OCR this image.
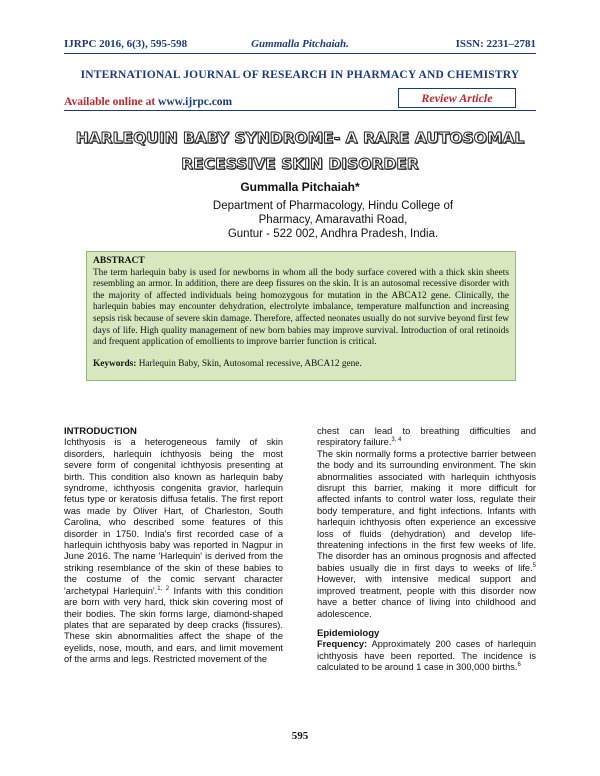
IJRPC 2016, 6(3), 595-598	Gummalla Pitchaiah.	ISSN: 2231–2781
INTERNATIONAL JOURNAL OF RESEARCH IN PHARMACY AND CHEMISTRY
Available online at www.ijrpc.com	Review Article
HARLEQUIN BABY SYNDROME- A RARE AUTOSOMAL
RECESSIVE SKIN DISORDER
Gummalla Pitchaiah*
Department of Pharmacology, Hindu College of Pharmacy, Amaravathi Road,
Guntur - 522 002, Andhra Pradesh, India.
ABSTRACT

The term harlequin baby is used for newborns in whom all the body surface covered with a thick skin sheets resembling an armor. In addition, there are deep fissures on the skin. It is an autosomal recessive disorder with the majority of affected individuals being homozygous for mutation in the ABCA12 gene. Clinically, the harlequin babies may encounter dehydration, electrolyte imbalance, temperature malfunction and increasing sepsis risk because of severe skin damage. Therefore, affected neonates usually do not survive beyond first few days of life. High quality management of new born babies may improve survival. Introduction of oral retinoids and frequent application of emollients to improve barrier function is critical.

Keywords: Harlequin Baby, Skin, Autosomal recessive, ABCA12 gene.
INTRODUCTION

Ichthyosis is a heterogeneous family of skin disorders, harlequin ichthyosis being the most severe form of congenital ichthyosis presenting at birth. This condition also known as harlequin baby syndrome, ichthyosis congenita gravior, harlequin fetus type or keratosis diffusa fetalis. The first report was made by Oliver Hart, of Charleston, South Carolina, who described some features of this disorder in 1750. India's first recorded case of a harlequin ichthyosis baby was reported in Nagpur in June 2016. The name 'Harlequin' is derived from the striking resemblance of the skin of these babies to the costume of the comic servant character 'archetypal Harlequin'.$^{1, 2}$ Infants with this condition are born with very hard, thick skin covering most of their bodies. The skin forms large, diamond-shaped plates that are separated by deep cracks (fissures). These skin abnormalities affect the shape of the eyelids, nose, mouth, and ears, and limit movement of the arms and legs. Restricted movement of the

chest can lead to breathing difficulties and respiratory failure.$^{3, 4}$

The skin normally forms a protective barrier between the body and its surrounding environment. The skin abnormalities associated with harlequin ichthyosis disrupt this barrier, making it more difficult for affected infants to control water loss, regulate their body temperature, and fight infections. Infants with harlequin ichthyosis often experience an excessive loss of fluids (dehydration) and develop life-threatening infections in the first few weeks of life. The disorder has an ominous prognosis and affected babies usually die in first days to weeks of life.$^5$ However, with intensive medical support and improved treatment, people with this disorder now have a better chance of living into childhood and adolescence.

Epidemiology

Frequency: Approximately 200 cases of harlequin ichthyosis have been reported. The incidence is calculated to be around 1 case in 300,000 births.$^6$

595
